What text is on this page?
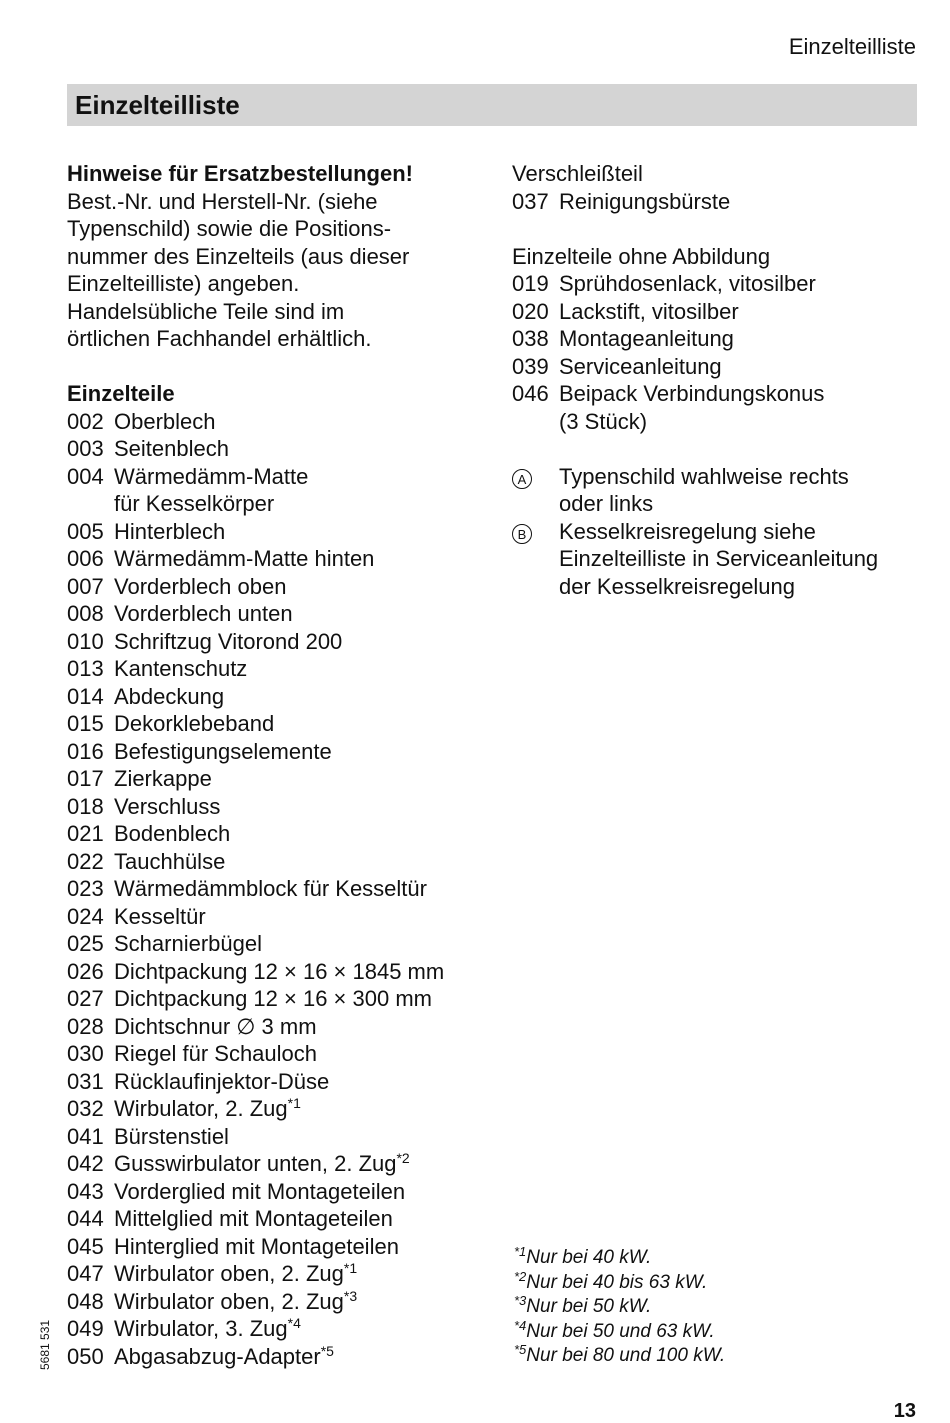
Einzelteilliste
Einzelteilliste
Hinweise für Ersatzbestellungen!
Best.-Nr. und Herstell-Nr. (siehe
Typenschild) sowie die Positions-
nummer des Einzelteils (aus dieser
Einzelteilliste) angeben.
Handelsübliche Teile sind im
örtlichen Fachhandel erhältlich.
Einzelteile
002 Oberblech
003 Seitenblech
004 Wärmedämm-Matte
für Kesselkörper
005 Hinterblech
006 Wärmedämm-Matte hinten
007 Vorderblech oben
008 Vorderblech unten
010 Schriftzug Vitorond 200
013 Kantenschutz
014 Abdeckung
015 Dekorklebeband
016 Befestigungselemente
017 Zierkappe
018 Verschluss
021 Bodenblech
022 Tauchhülse
023 Wärmedämmblock für Kesseltür
024 Kesseltür
025 Scharnierbügel
026 Dichtpackung 12 × 16 × 1845 mm
027 Dichtpackung 12 × 16 × 300 mm
028 Dichtschnur ∅ 3 mm
030 Riegel für Schauloch
031 Rücklaufinjektor-Düse
032 Wirbulator, 2. Zug$^{*1}$
041 Bürstenstiel
042 Gusswirbulator unten, 2. Zug$^{*2}$
043 Vorderglied mit Montageteilen
044 Mittelglied mit Montageteilen
045 Hinterglied mit Montageteilen
047 Wirbulator oben, 2. Zug$^{*1}$
048 Wirbulator oben, 2. Zug$^{*3}$
049 Wirbulator, 3. Zug$^{*4}$
050 Abgasabzug-Adapter$^{*5}$
Verschleißteil
037 Reinigungsbürste
Einzelteile ohne Abbildung
019 Sprühdosenlack, vitosilber
020 Lackstift, vitosilber
038 Montageanleitung
039 Serviceanleitung
046 Beipack Verbindungskonus
(3 Stück)
A	Typenschild wahlweise rechts
oder links
B	Kesselkreisregelung siehe
Einzelteilliste in Serviceanleitung
der Kesselkreisregelung
$^{*1}$Nur bei 40 kW.
$^{*2}$Nur bei 40 bis 63 kW.
$^{*3}$Nur bei 50 kW.
$^{*4}$Nur bei 50 und 63 kW.
$^{*5}$Nur bei 80 und 100 kW.
5681 531
13
